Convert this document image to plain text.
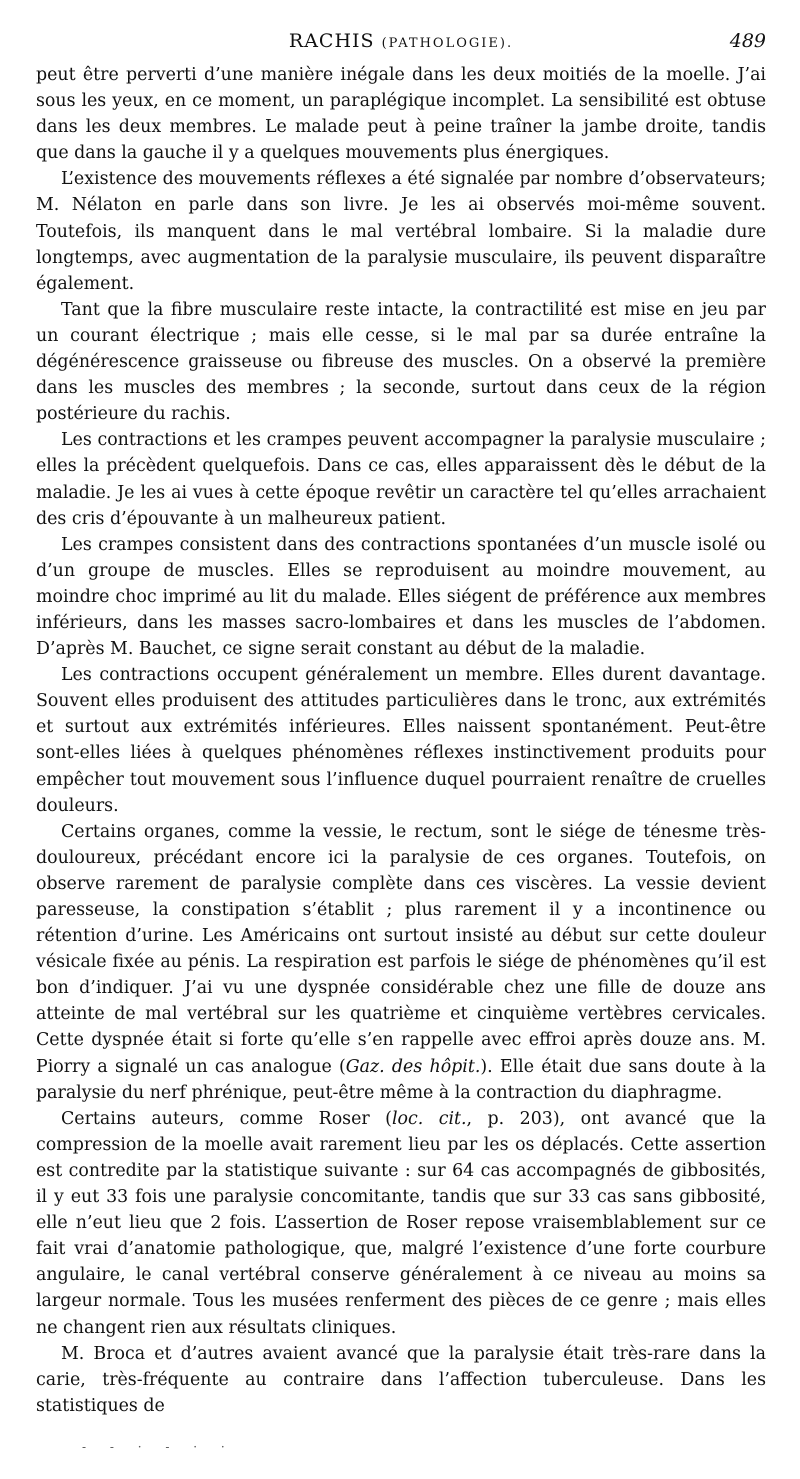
RACHIS (PATHOLOGIE).	489

peut être perverti d’une manière inégale dans les deux moitiés de la moelle. J’ai sous les yeux, en ce moment, un paraplégique incomplet. La sensibilité est obtuse dans les deux membres. Le malade peut à peine traîner la jambe droite, tandis que dans la gauche il y a quelques mouvements plus énergiques.

L’existence des mouvements réflexes a été signalée par nombre d’observateurs; M. Nélaton en parle dans son livre. Je les ai observés moi-même souvent. Toutefois, ils manquent dans le mal vertébral lombaire. Si la maladie dure longtemps, avec augmentation de la paralysie musculaire, ils peuvent disparaître également.

Tant que la fibre musculaire reste intacte, la contractilité est mise en jeu par un courant électrique ; mais elle cesse, si le mal par sa durée entraîne la dégénérescence graisseuse ou fibreuse des muscles. On a observé la première dans les muscles des membres ; la seconde, surtout dans ceux de la région postérieure du rachis.

Les contractions et les crampes peuvent accompagner la paralysie musculaire ; elles la précèdent quelquefois. Dans ce cas, elles apparaissent dès le début de la maladie. Je les ai vues à cette époque revêtir un caractère tel qu’elles arrachaient des cris d’épouvante à un malheureux patient.

Les crampes consistent dans des contractions spontanées d’un muscle isolé ou d’un groupe de muscles. Elles se reproduisent au moindre mouvement, au moindre choc imprimé au lit du malade. Elles siégent de préférence aux membres inférieurs, dans les masses sacro-lombaires et dans les muscles de l’abdomen. D’après M. Bauchet, ce signe serait constant au début de la maladie.

Les contractions occupent généralement un membre. Elles durent davantage. Souvent elles produisent des attitudes particulières dans le tronc, aux extrémités et surtout aux extrémités inférieures. Elles naissent spontanément. Peut-être sont-elles liées à quelques phénomènes réflexes instinctivement produits pour empêcher tout mouvement sous l’influence duquel pourraient renaître de cruelles douleurs.

Certains organes, comme la vessie, le rectum, sont le siége de ténesme très-douloureux, précédant encore ici la paralysie de ces organes. Toutefois, on observe rarement de paralysie complète dans ces viscères. La vessie devient paresseuse, la constipation s’établit ; plus rarement il y a incontinence ou rétention d’urine. Les Américains ont surtout insisté au début sur cette douleur vésicale fixée au pénis. La respiration est parfois le siége de phénomènes qu’il est bon d’indiquer. J’ai vu une dyspnée considérable chez une fille de douze ans atteinte de mal vertébral sur les quatrième et cinquième vertèbres cervicales. Cette dyspnée était si forte qu’elle s’en rappelle avec effroi après douze ans. M. Piorry a signalé un cas analogue (Gaz. des hôpit.). Elle était due sans doute à la paralysie du nerf phrénique, peut-être même à la contraction du diaphragme.

Certains auteurs, comme Roser (loc. cit., p. 203), ont avancé que la compression de la moelle avait rarement lieu par les os déplacés. Cette assertion est contredite par la statistique suivante : sur 64 cas accompagnés de gibbosités, il y eut 33 fois une paralysie concomitante, tandis que sur 33 cas sans gibbosité, elle n’eut lieu que 2 fois. L’assertion de Roser repose vraisemblablement sur ce fait vrai d’anatomie pathologique, que, malgré l’existence d’une forte courbure angulaire, le canal vertébral conserve généralement à ce niveau au moins sa largeur normale. Tous les musées renferment des pièces de ce genre ; mais elles ne changent rien aux résultats cliniques.

M. Broca et d’autres avaient avancé que la paralysie était très-rare dans la carie, très-fréquente au contraire dans l’affection tuberculeuse. Dans les statistiques de

- - · - · ·
